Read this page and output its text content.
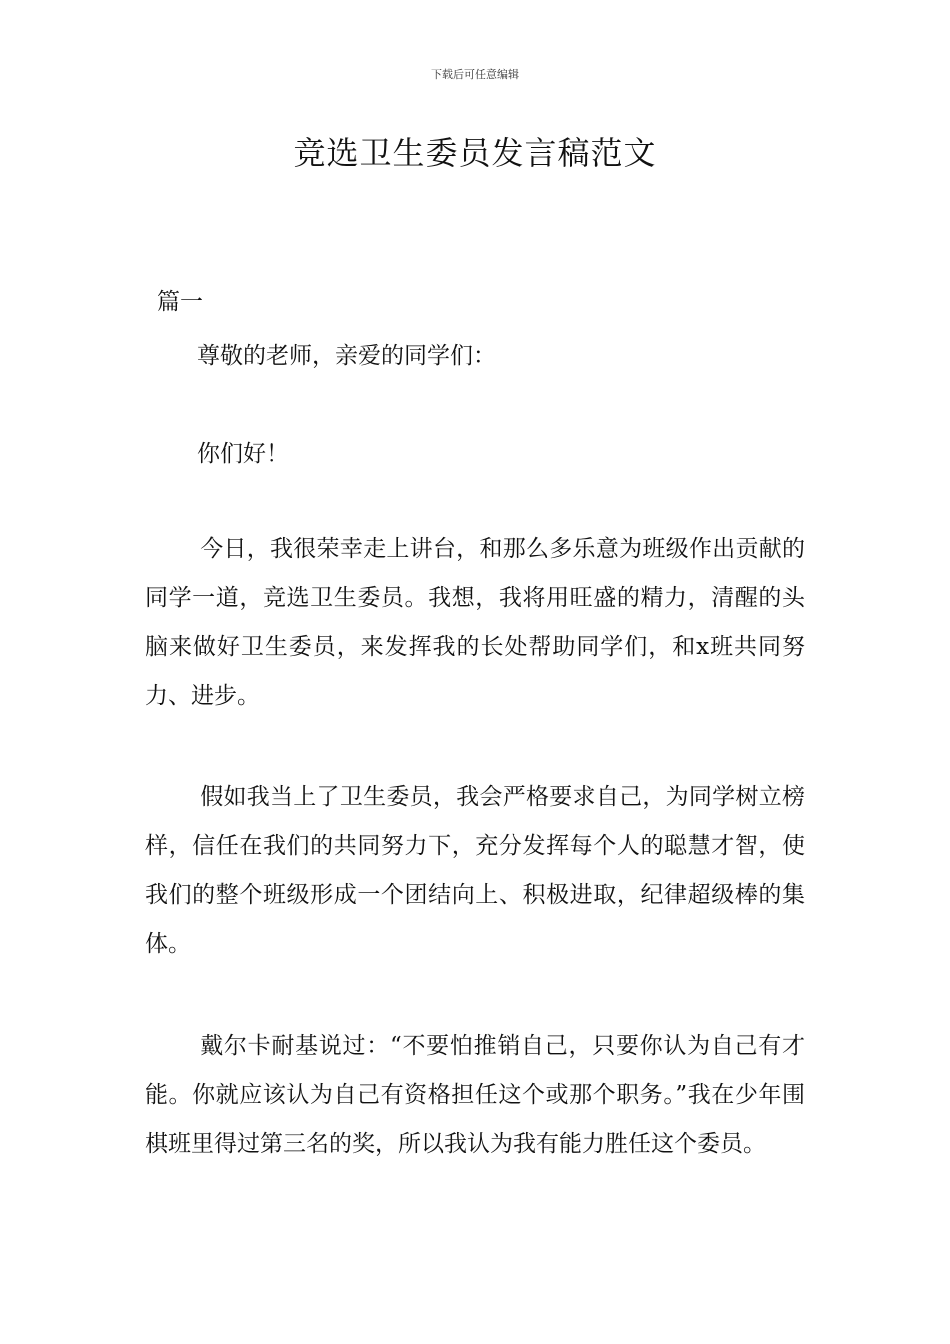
下载后可任意编辑
竞选卫生委员发言稿范文
篇一
尊敬的老师，亲爱的同学们：
你们好！

今日，我很荣幸走上讲台，和那么多乐意为班级作出贡献的同学一道，竞选卫生委员。我想，我将用旺盛的精力，清醒的头脑来做好卫生委员，来发挥我的长处帮助同学们，和x班共同努力、进步。

假如我当上了卫生委员，我会严格要求自己，为同学树立榜样，信任在我们的共同努力下，充分发挥每个人的聪慧才智，使我们的整个班级形成一个团结向上、积极进取，纪律超级棒的集体。

戴尔卡耐基说过：“不要怕推销自己，只要你认为自己有才能。你就应该认为自己有资格担任这个或那个职务。”我在少年围棋班里得过第三名的奖，所以我认为我有能力胜任这个委员。
